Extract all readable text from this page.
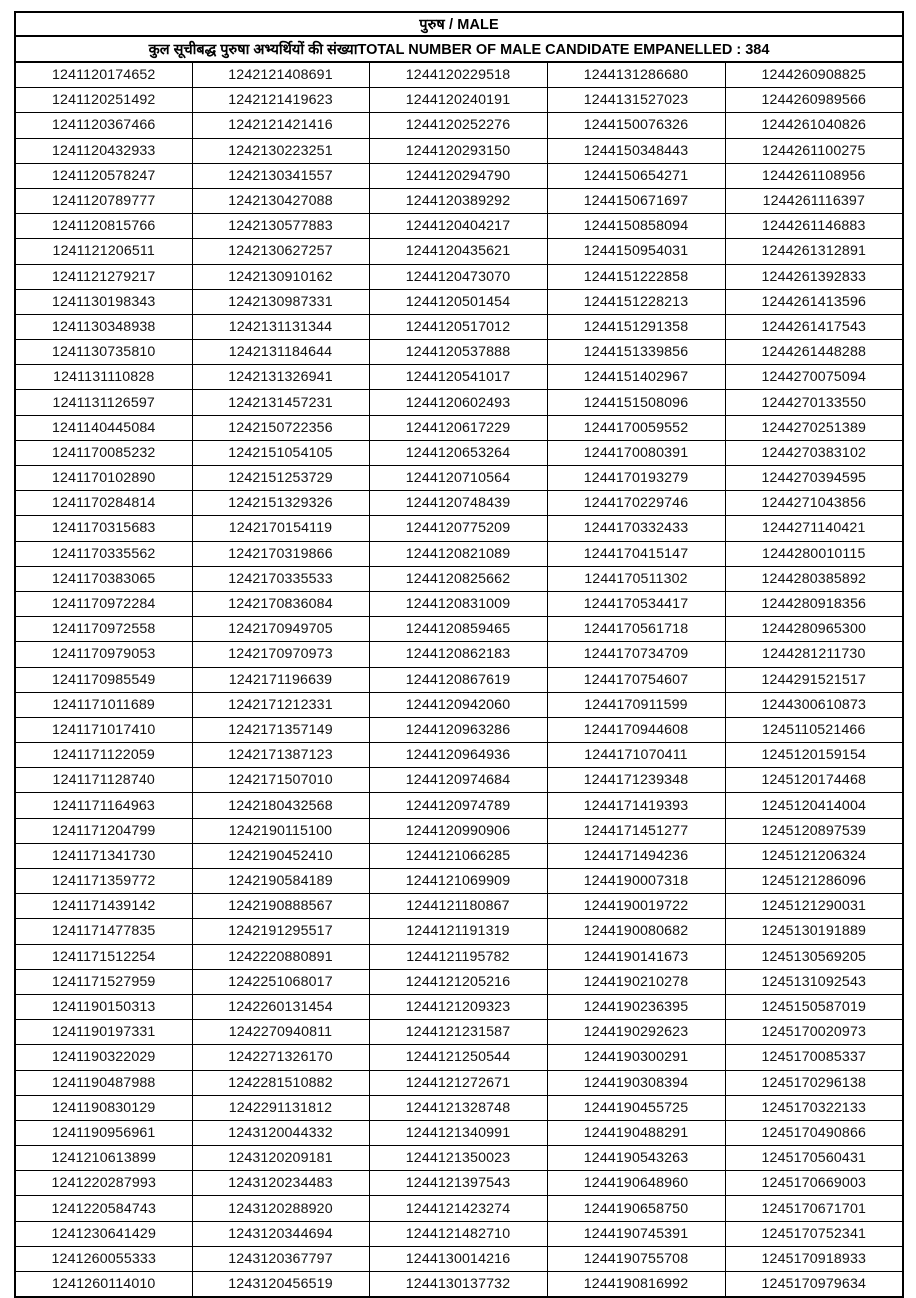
पुरुष / MALE				
कुल सूचीबद्ध पुरुषा अभ्यर्थियों की संख्याTOTAL NUMBER OF MALE CANDIDATE EMPANELLED : 384				
1241120174652	1242121408691	1244120229518	1244131286680	1244260908825
1241120251492	1242121419623	1244120240191	1244131527023	1244260989566
1241120367466	1242121421416	1244120252276	1244150076326	1244261040826
1241120432933	1242130223251	1244120293150	1244150348443	1244261100275
1241120578247	1242130341557	1244120294790	1244150654271	1244261108956
1241120789777	1242130427088	1244120389292	1244150671697	1244261116397
1241120815766	1242130577883	1244120404217	1244150858094	1244261146883
1241121206511	1242130627257	1244120435621	1244150954031	1244261312891
1241121279217	1242130910162	1244120473070	1244151222858	1244261392833
1241130198343	1242130987331	1244120501454	1244151228213	1244261413596
1241130348938	1242131131344	1244120517012	1244151291358	1244261417543
1241130735810	1242131184644	1244120537888	1244151339856	1244261448288
1241131110828	1242131326941	1244120541017	1244151402967	1244270075094
1241131126597	1242131457231	1244120602493	1244151508096	1244270133550
1241140445084	1242150722356	1244120617229	1244170059552	1244270251389
1241170085232	1242151054105	1244120653264	1244170080391	1244270383102
1241170102890	1242151253729	1244120710564	1244170193279	1244270394595
1241170284814	1242151329326	1244120748439	1244170229746	1244271043856
1241170315683	1242170154119	1244120775209	1244170332433	1244271140421
1241170335562	1242170319866	1244120821089	1244170415147	1244280010115
1241170383065	1242170335533	1244120825662	1244170511302	1244280385892
1241170972284	1242170836084	1244120831009	1244170534417	1244280918356
1241170972558	1242170949705	1244120859465	1244170561718	1244280965300
1241170979053	1242170970973	1244120862183	1244170734709	1244281211730
1241170985549	1242171196639	1244120867619	1244170754607	1244291521517
1241171011689	1242171212331	1244120942060	1244170911599	1244300610873
1241171017410	1242171357149	1244120963286	1244170944608	1245110521466
1241171122059	1242171387123	1244120964936	1244171070411	1245120159154
1241171128740	1242171507010	1244120974684	1244171239348	1245120174468
1241171164963	1242180432568	1244120974789	1244171419393	1245120414004
1241171204799	1242190115100	1244120990906	1244171451277	1245120897539
1241171341730	1242190452410	1244121066285	1244171494236	1245121206324
1241171359772	1242190584189	1244121069909	1244190007318	1245121286096
1241171439142	1242190888567	1244121180867	1244190019722	1245121290031
1241171477835	1242191295517	1244121191319	1244190080682	1245130191889
1241171512254	1242220880891	1244121195782	1244190141673	1245130569205
1241171527959	1242251068017	1244121205216	1244190210278	1245131092543
1241190150313	1242260131454	1244121209323	1244190236395	1245150587019
1241190197331	1242270940811	1244121231587	1244190292623	1245170020973
1241190322029	1242271326170	1244121250544	1244190300291	1245170085337
1241190487988	1242281510882	1244121272671	1244190308394	1245170296138
1241190830129	1242291131812	1244121328748	1244190455725	1245170322133
1241190956961	1243120044332	1244121340991	1244190488291	1245170490866
1241210613899	1243120209181	1244121350023	1244190543263	1245170560431
1241220287993	1243120234483	1244121397543	1244190648960	1245170669003
1241220584743	1243120288920	1244121423274	1244190658750	1245170671701
1241230641429	1243120344694	1244121482710	1244190745391	1245170752341
1241260055333	1243120367797	1244130014216	1244190755708	1245170918933
1241260114010	1243120456519	1244130137732	1244190816992	1245170979634
